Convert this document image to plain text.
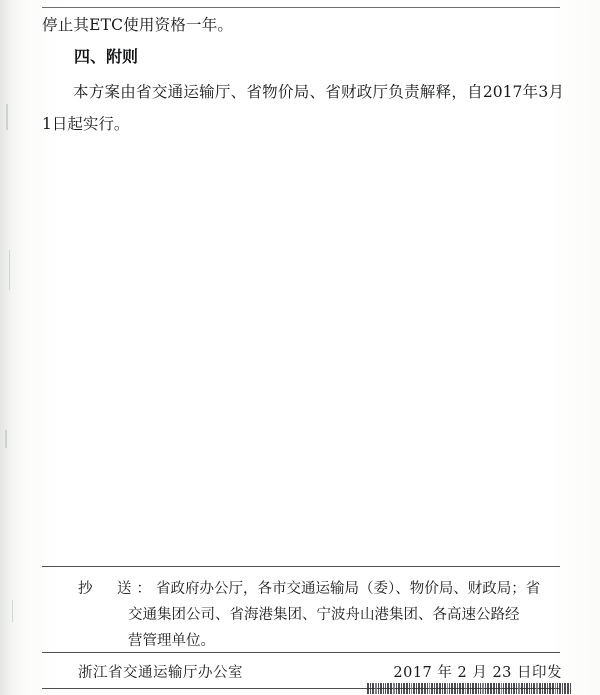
停止其ETC使用资格一年。
四、附则
本方案由省交通运输厅、省物价局、省财政厅负责解释，自2017年3月1日起实行。
抄　送：省政府办公厅，各市交通运输局（委）、物价局、财政局；省
交通集团公司、省海港集团、宁波舟山港集团、各高速公路经
营管理单位。
浙江省交通运输厅办公室	2017 年 2 月 23 日印发
